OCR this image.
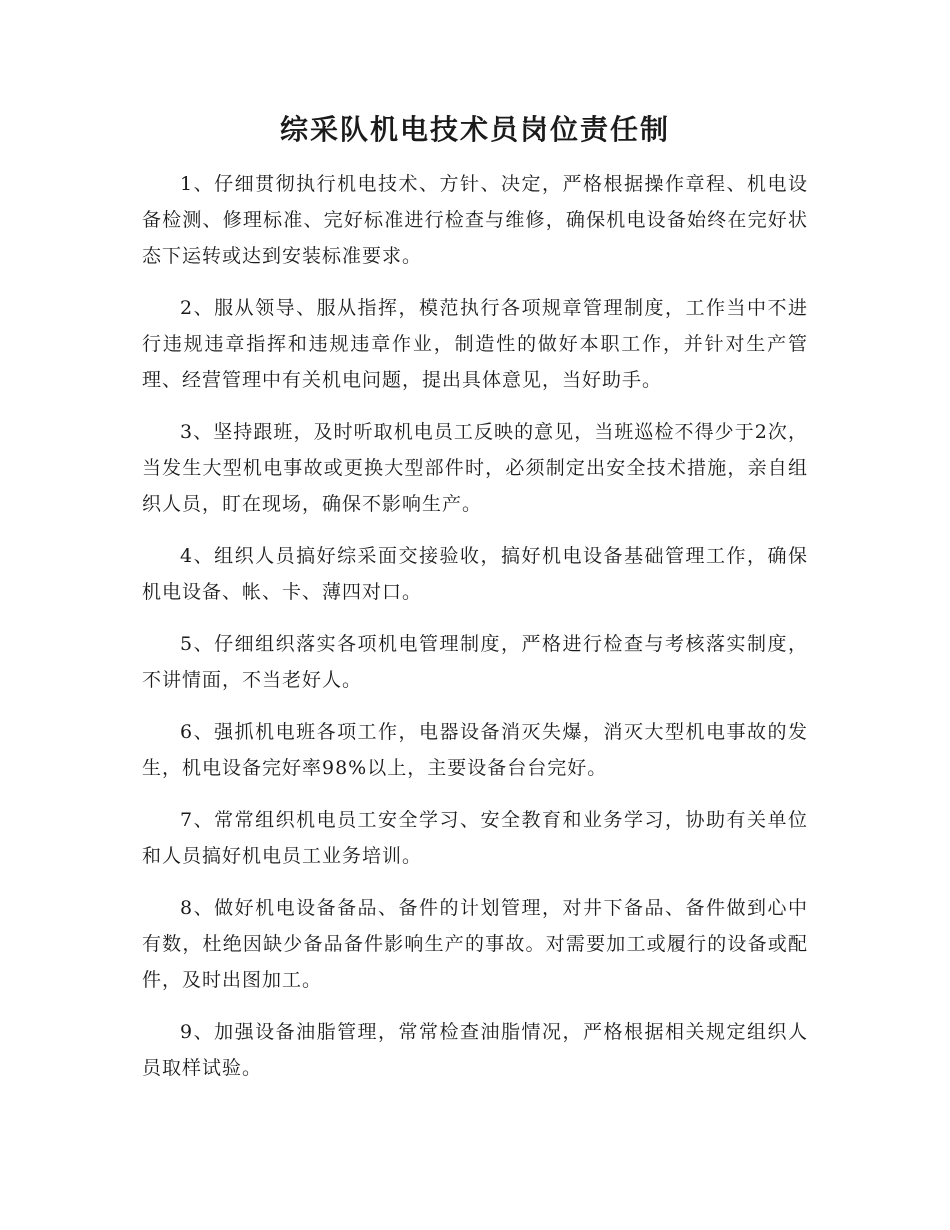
综采队机电技术员岗位责任制

1、仔细贯彻执行机电技术、方针、决定，严格根据操作章程、机电设备检测、修理标准、完好标准进行检查与维修，确保机电设备始终在完好状态下运转或达到安装标准要求。

2、服从领导、服从指挥，模范执行各项规章管理制度，工作当中不进行违规违章指挥和违规违章作业，制造性的做好本职工作，并针对生产管理、经营管理中有关机电问题，提出具体意见，当好助手。

3、坚持跟班，及时听取机电员工反映的意见，当班巡检不得少于2次，当发生大型机电事故或更换大型部件时，必须制定出安全技术措施，亲自组织人员，盯在现场，确保不影响生产。

4、组织人员搞好综采面交接验收，搞好机电设备基础管理工作，确保机电设备、帐、卡、薄四对口。

5、仔细组织落实各项机电管理制度，严格进行检查与考核落实制度，不讲情面，不当老好人。

6、强抓机电班各项工作，电器设备消灭失爆，消灭大型机电事故的发生，机电设备完好率98%以上，主要设备台台完好。

7、常常组织机电员工安全学习、安全教育和业务学习，协助有关单位和人员搞好机电员工业务培训。

8、做好机电设备备品、备件的计划管理，对井下备品、备件做到心中有数，杜绝因缺少备品备件影响生产的事故。对需要加工或履行的设备或配件，及时出图加工。

9、加强设备油脂管理，常常检查油脂情况，严格根据相关规定组织人员取样试验。
